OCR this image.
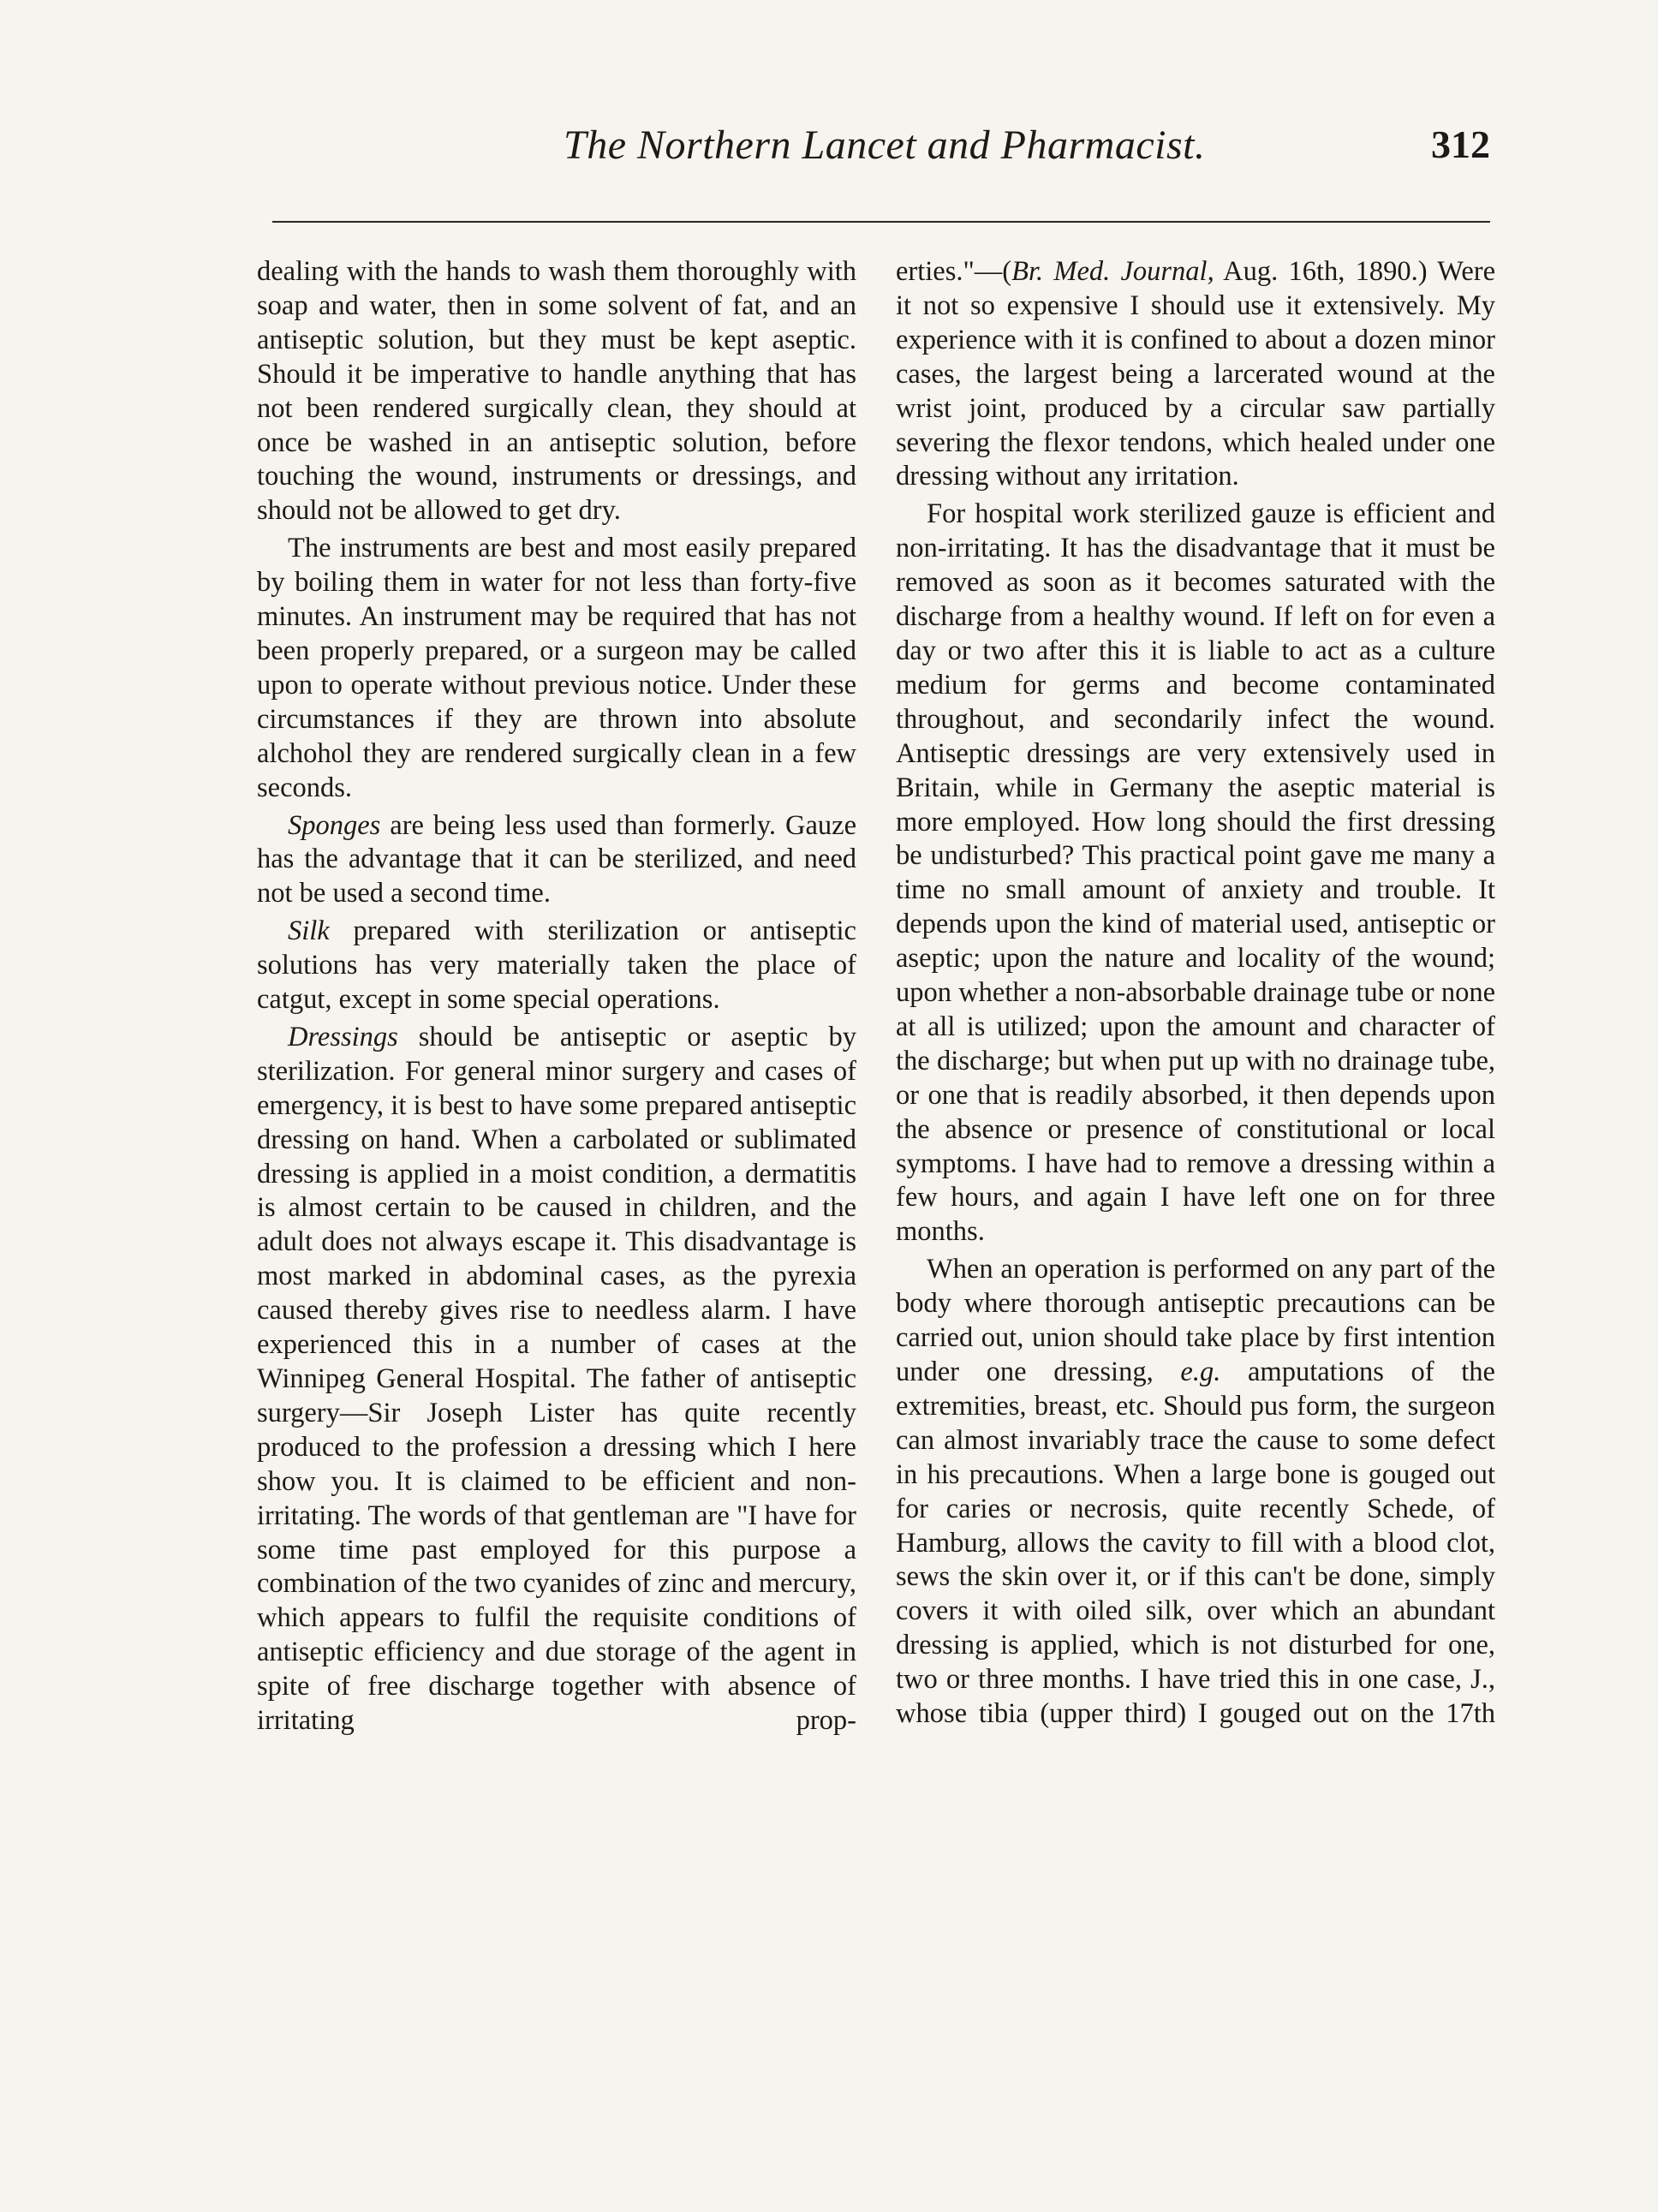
The Northern Lancet and Pharmacist.	312

dealing with the hands to wash them thoroughly with soap and water, then in some solvent of fat, and an antiseptic solution, but they must be kept aseptic. Should it be imperative to handle anything that has not been rendered surgically clean, they should at once be washed in an antiseptic solution, before touching the wound, instruments or dressings, and should not be allowed to get dry.

The instruments are best and most easily prepared by boiling them in water for not less than forty-five minutes. An instrument may be required that has not been properly prepared, or a surgeon may be called upon to operate without previous notice. Under these circumstances if they are thrown into absolute alchohol they are rendered surgically clean in a few seconds.

Sponges are being less used than formerly. Gauze has the advantage that it can be sterilized, and need not be used a second time.

Silk prepared with sterilization or antiseptic solutions has very materially taken the place of catgut, except in some special operations.

Dressings should be antiseptic or aseptic by sterilization. For general minor surgery and cases of emergency, it is best to have some prepared antiseptic dressing on hand. When a carbolated or sublimated dressing is applied in a moist condition, a dermatitis is almost certain to be caused in children, and the adult does not always escape it. This disadvantage is most marked in abdominal cases, as the pyrexia caused thereby gives rise to needless alarm. I have experienced this in a number of cases at the Winnipeg General Hospital. The father of antiseptic surgery—Sir Joseph Lister has quite recently produced to the profession a dressing which I here show you. It is claimed to be efficient and non-irritating. The words of that gentleman are "I have for some time past employed for this purpose a combination of the two cyanides of zinc and mercury, which appears to fulfil the requisite conditions of antiseptic efficiency and due storage of the agent in spite of free discharge together with absence of irritating prop-

erties."—(Br. Med. Journal, Aug. 16th, 1890.) Were it not so expensive I should use it extensively. My experience with it is confined to about a dozen minor cases, the largest being a larcerated wound at the wrist joint, produced by a circular saw partially severing the flexor tendons, which healed under one dressing without any irritation.

For hospital work sterilized gauze is efficient and non-irritating. It has the disadvantage that it must be removed as soon as it becomes saturated with the discharge from a healthy wound. If left on for even a day or two after this it is liable to act as a culture medium for germs and become contaminated throughout, and secondarily infect the wound. Antiseptic dressings are very extensively used in Britain, while in Germany the aseptic material is more employed. How long should the first dressing be undisturbed? This practical point gave me many a time no small amount of anxiety and trouble. It depends upon the kind of material used, antiseptic or aseptic; upon the nature and locality of the wound; upon whether a non-absorbable drainage tube or none at all is utilized; upon the amount and character of the discharge; but when put up with no drainage tube, or one that is readily absorbed, it then depends upon the absence or presence of constitutional or local symptoms. I have had to remove a dressing within a few hours, and again I have left one on for three months.

When an operation is performed on any part of the body where thorough antiseptic precautions can be carried out, union should take place by first intention under one dressing, e.g. amputations of the extremities, breast, etc. Should pus form, the surgeon can almost invariably trace the cause to some defect in his precautions. When a large bone is gouged out for caries or necrosis, quite recently Schede, of Hamburg, allows the cavity to fill with a blood clot, sews the skin over it, or if this can't be done, simply covers it with oiled silk, over which an abundant dressing is applied, which is not disturbed for one, two or three months. I have tried this in one case, J., whose tibia (upper third) I gouged out on the 17th
